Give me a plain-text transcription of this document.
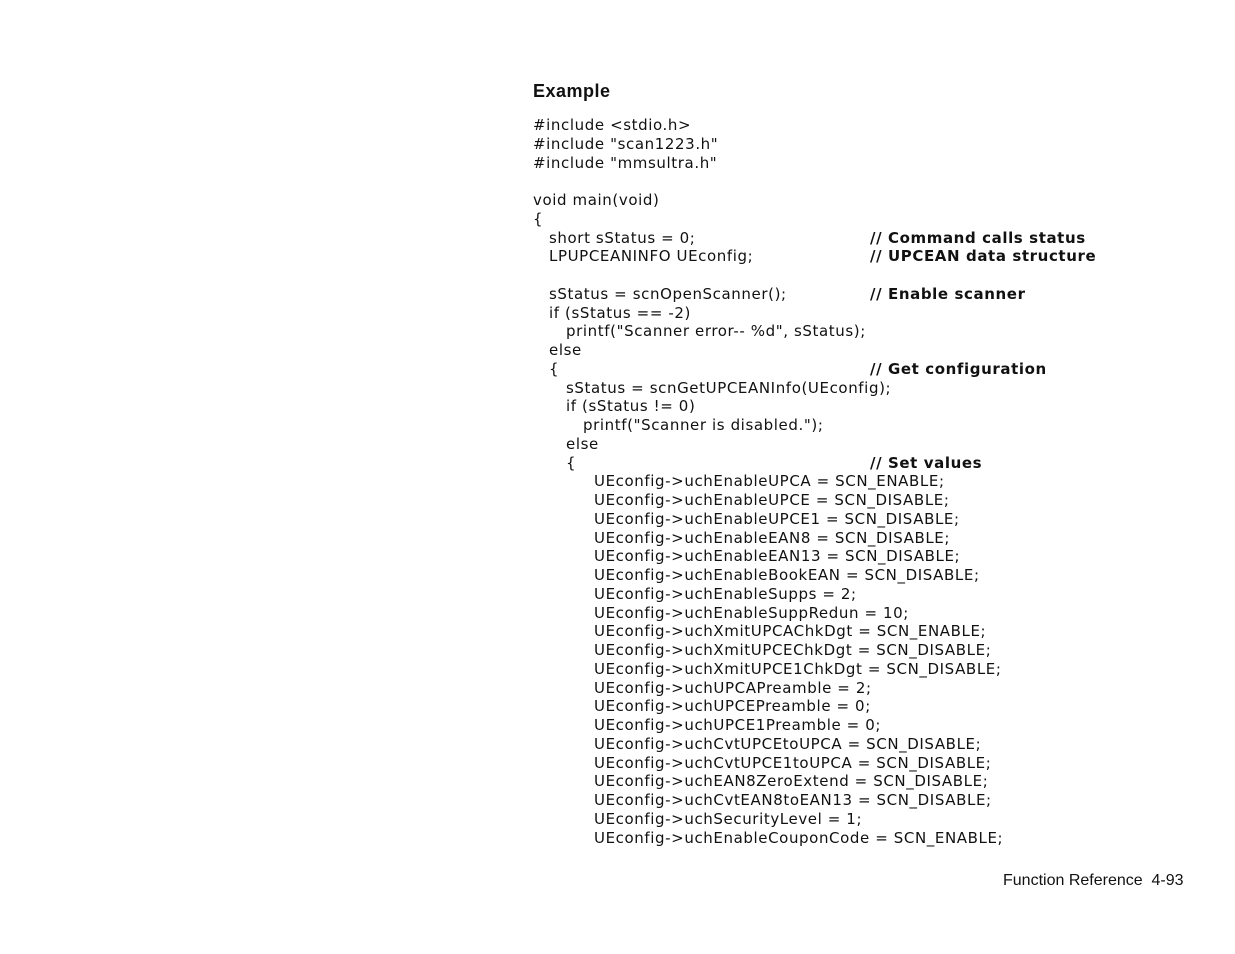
Example
#include <stdio.h>
#include "scan1223.h"
#include "mmsultra.h"
void main(void)
{
short sStatus = 0;	// Command calls status
LPUPCEANINFO UEconfig;	// UPCEAN data structure
sStatus = scnOpenScanner();	// Enable scanner
if (sStatus == -2)
printf("Scanner error-- %d", sStatus);
else
{	// Get configuration
sStatus = scnGetUPCEANInfo(UEconfig);
if (sStatus != 0)
printf("Scanner is disabled.");
else
{	// Set values
UEconfig->uchEnableUPCA = SCN_ENABLE;
UEconfig->uchEnableUPCE = SCN_DISABLE;
UEconfig->uchEnableUPCE1 = SCN_DISABLE;
UEconfig->uchEnableEAN8 = SCN_DISABLE;
UEconfig->uchEnableEAN13 = SCN_DISABLE;
UEconfig->uchEnableBookEAN = SCN_DISABLE;
UEconfig->uchEnableSupps = 2;
UEconfig->uchEnableSuppRedun = 10;
UEconfig->uchXmitUPCAChkDgt = SCN_ENABLE;
UEconfig->uchXmitUPCEChkDgt = SCN_DISABLE;
UEconfig->uchXmitUPCE1ChkDgt = SCN_DISABLE;
UEconfig->uchUPCAPreamble = 2;
UEconfig->uchUPCEPreamble = 0;
UEconfig->uchUPCE1Preamble = 0;
UEconfig->uchCvtUPCEtoUPCA = SCN_DISABLE;
UEconfig->uchCvtUPCE1toUPCA = SCN_DISABLE;
UEconfig->uchEAN8ZeroExtend = SCN_DISABLE;
UEconfig->uchCvtEAN8toEAN13 = SCN_DISABLE;
UEconfig->uchSecurityLevel = 1;
UEconfig->uchEnableCouponCode = SCN_ENABLE;
Function Reference  4-93
